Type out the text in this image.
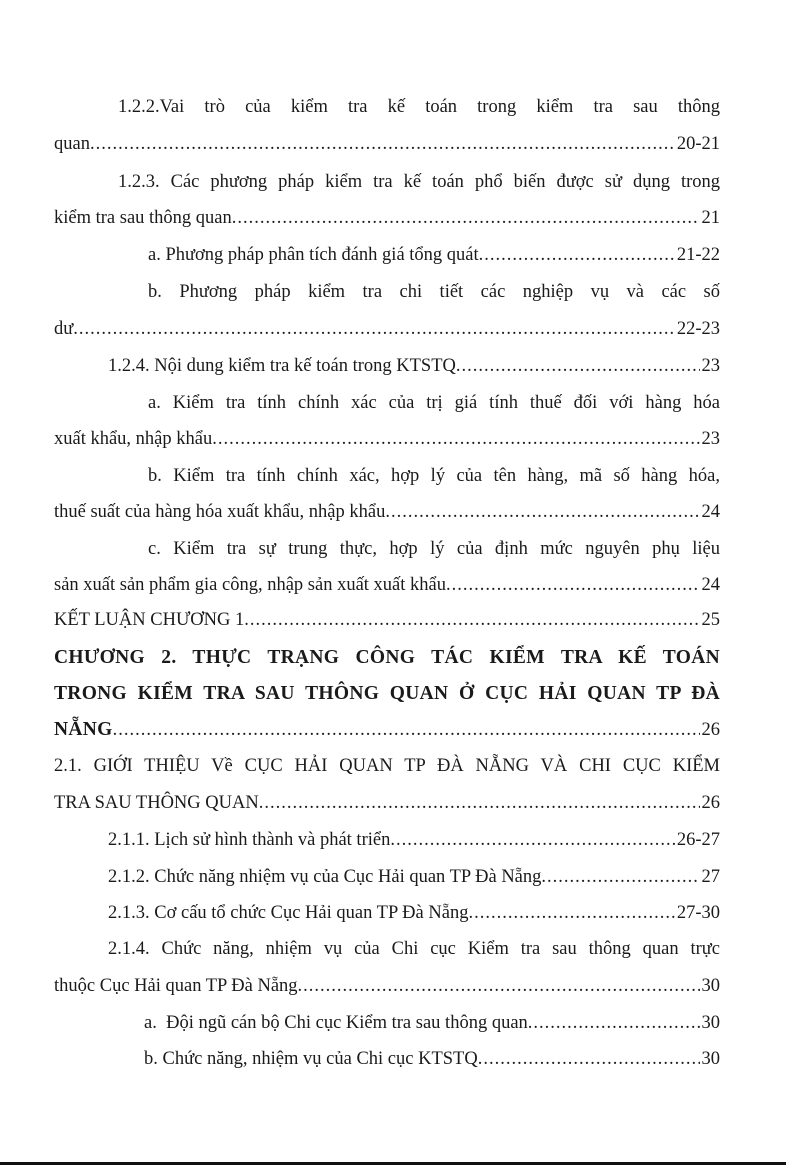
1.2.2.Vai trò của kiểm tra kế toán trong kiểm tra sau thông
quan .....	20-21
1.2.3. Các phương pháp kiểm tra kế toán phổ biến được sử dụng trong
kiểm tra sau thông quan .....	21
a. Phương pháp phân tích đánh giá tổng quát .....	21-22
b. Phương pháp kiểm tra chi tiết các nghiệp vụ và các số
dư .....	22-23
1.2.4. Nội dung kiểm tra kế toán trong KTSTQ .....	23
a. Kiểm tra tính chính xác của trị giá tính thuế đối với hàng hóa
xuất khẩu, nhập khẩu .....	23
b. Kiểm tra tính chính xác, hợp lý của tên hàng, mã số hàng hóa,
thuế suất của hàng hóa xuất khẩu, nhập khẩu .....	24
c. Kiểm tra sự trung thực, hợp lý của định mức nguyên phụ liệu
sản xuất sản phẩm gia công, nhập sản xuất xuất khẩu .....	24
KẾT LUẬN CHƯƠNG 1 .....	25
CHƯƠNG 2. THỰC TRẠNG CÔNG TÁC KIỂM TRA KẾ TOÁN
TRONG KIỂM TRA SAU THÔNG QUAN Ở CỤC HẢI QUAN TP ĐÀ
NẴNG .....	26
2.1. GIỚI THIỆU Về CỤC HẢI QUAN TP ĐÀ NẴNG VÀ CHI CỤC KIỂM
TRA SAU THÔNG QUAN .....	26
2.1.1. Lịch sử hình thành và phát triển .....	26-27
2.1.2. Chức năng nhiệm vụ của Cục Hải quan TP Đà Nẵng .....	27
2.1.3. Cơ cấu tổ chức Cục Hải quan TP Đà Nẵng .....	27-30
2.1.4. Chức năng, nhiệm vụ của Chi cục Kiểm tra sau thông quan trực
thuộc Cục Hải quan TP Đà Nẵng .....	30
a.  Đội ngũ cán bộ Chi cục Kiểm tra sau thông quan .....	30
b. Chức năng, nhiệm vụ của Chi cục KTSTQ .....	30
